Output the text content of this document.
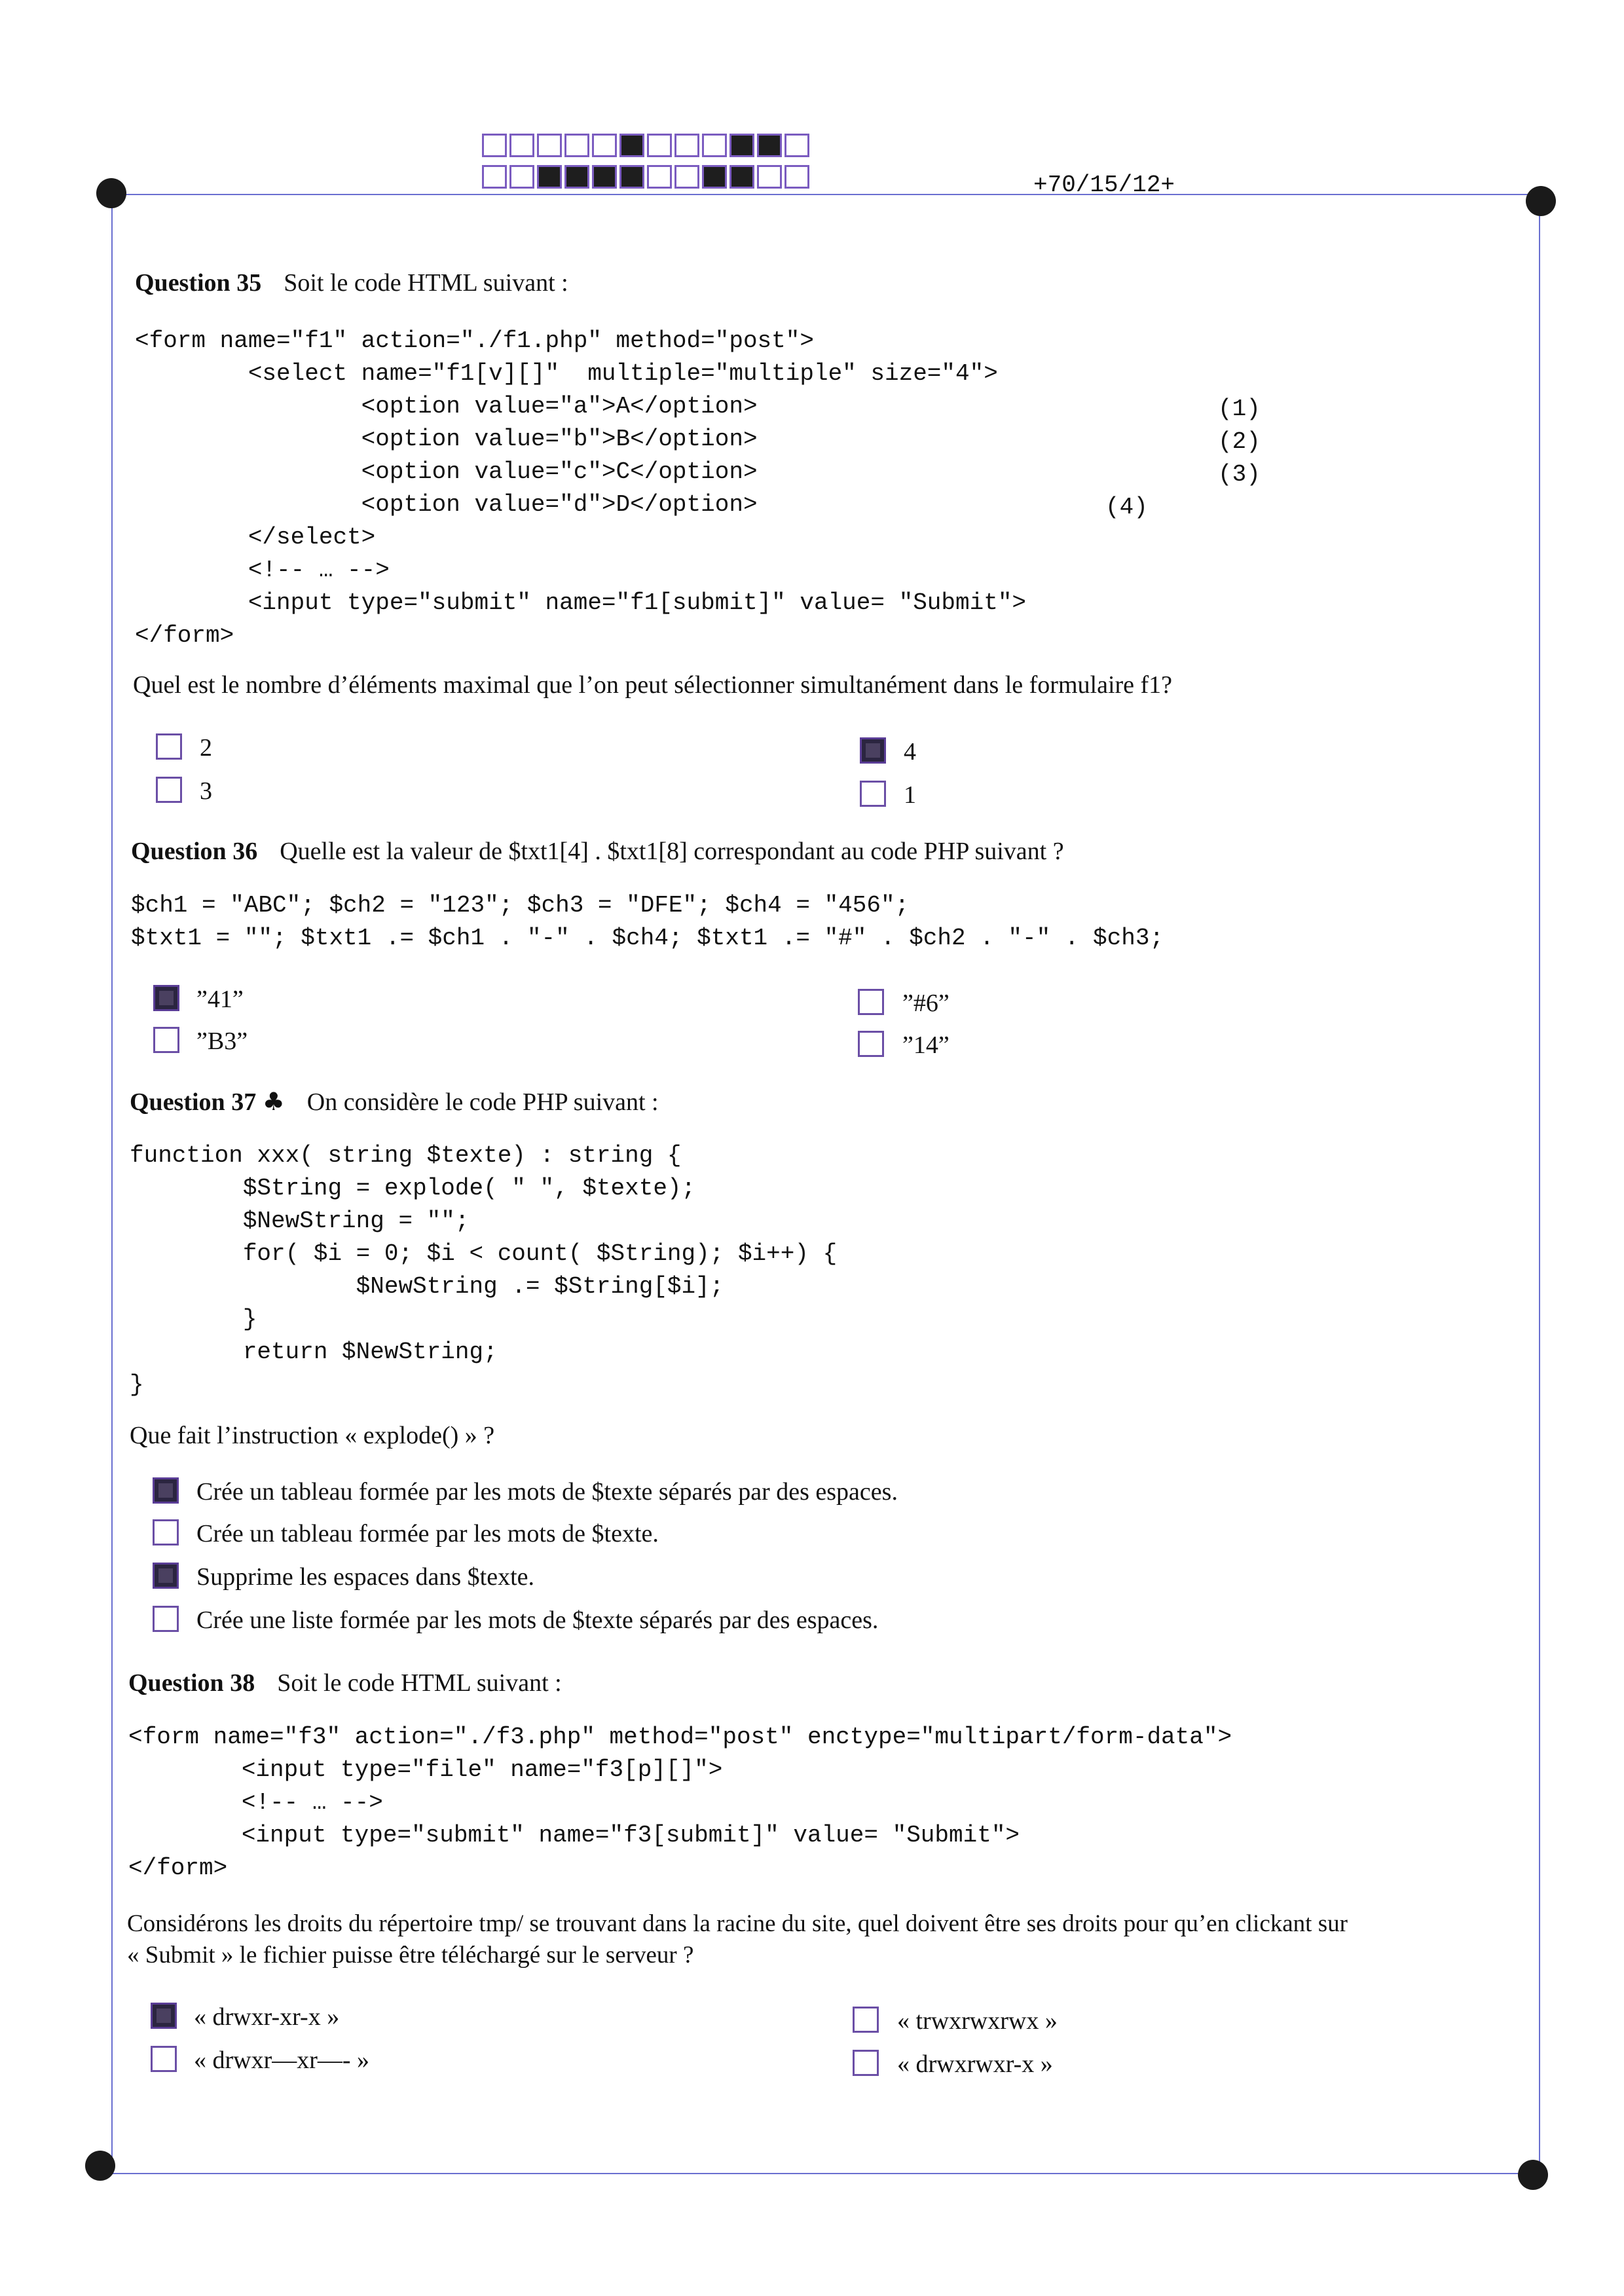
+70/15/12+
Question 35 Soit le code HTML suivant :
<form name="f1" action="./f1.php" method="post">
<select name="f1[v][]"  multiple="multiple" size="4">
<option value="a">A</option>	(1)
<option value="b">B</option>	(2)
<option value="c">C</option>	(3)
<option value="d">D</option>	(4)
</select>
<!-- … -->
<input type="submit" name="f1[submit]" value= "Submit">
</form>
Quel est le nombre d’éléments maximal que l’on peut sélectionner simultanément dans le formulaire f1?
2	4
3	1
Question 36 Quelle est la valeur de $txt1[4] . $txt1[8] correspondant au code PHP suivant ?
$ch1 = "ABC"; $ch2 = "123"; $ch3 = "DFE"; $ch4 = "456";
$txt1 = ""; $txt1 .= $ch1 . "-" . $ch4; $txt1 .= "#" . $ch2 . "-" . $ch3;
”41”	”#6”
”B3”	”14”
Question 37 ♣ On considère le code PHP suivant :
function xxx( string $texte) : string {
$String = explode( " ", $texte);
$NewString = "";
for( $i = 0; $i < count( $String); $i++) {
$NewString .= $String[$i];
}
return $NewString;
}
Que fait l’instruction « explode() » ?
Crée un tableau formée par les mots de $texte séparés par des espaces.
Crée un tableau formée par les mots de $texte.
Supprime les espaces dans $texte.
Crée une liste formée par les mots de $texte séparés par des espaces.
Question 38 Soit le code HTML suivant :
<form name="f3" action="./f3.php" method="post" enctype="multipart/form-data">
<input type="file" name="f3[p][]">
<!-- … -->
<input type="submit" name="f3[submit]" value= "Submit">
</form>
Considérons les droits du répertoire tmp/ se trouvant dans la racine du site, quel doivent être ses droits pour qu’en clickant sur
« Submit » le fichier puisse être téléchargé sur le serveur ?
« drwxr-xr-x »	« trwxrwxrwx »
« drwxr—xr—- »	« drwxrwxr-x »
